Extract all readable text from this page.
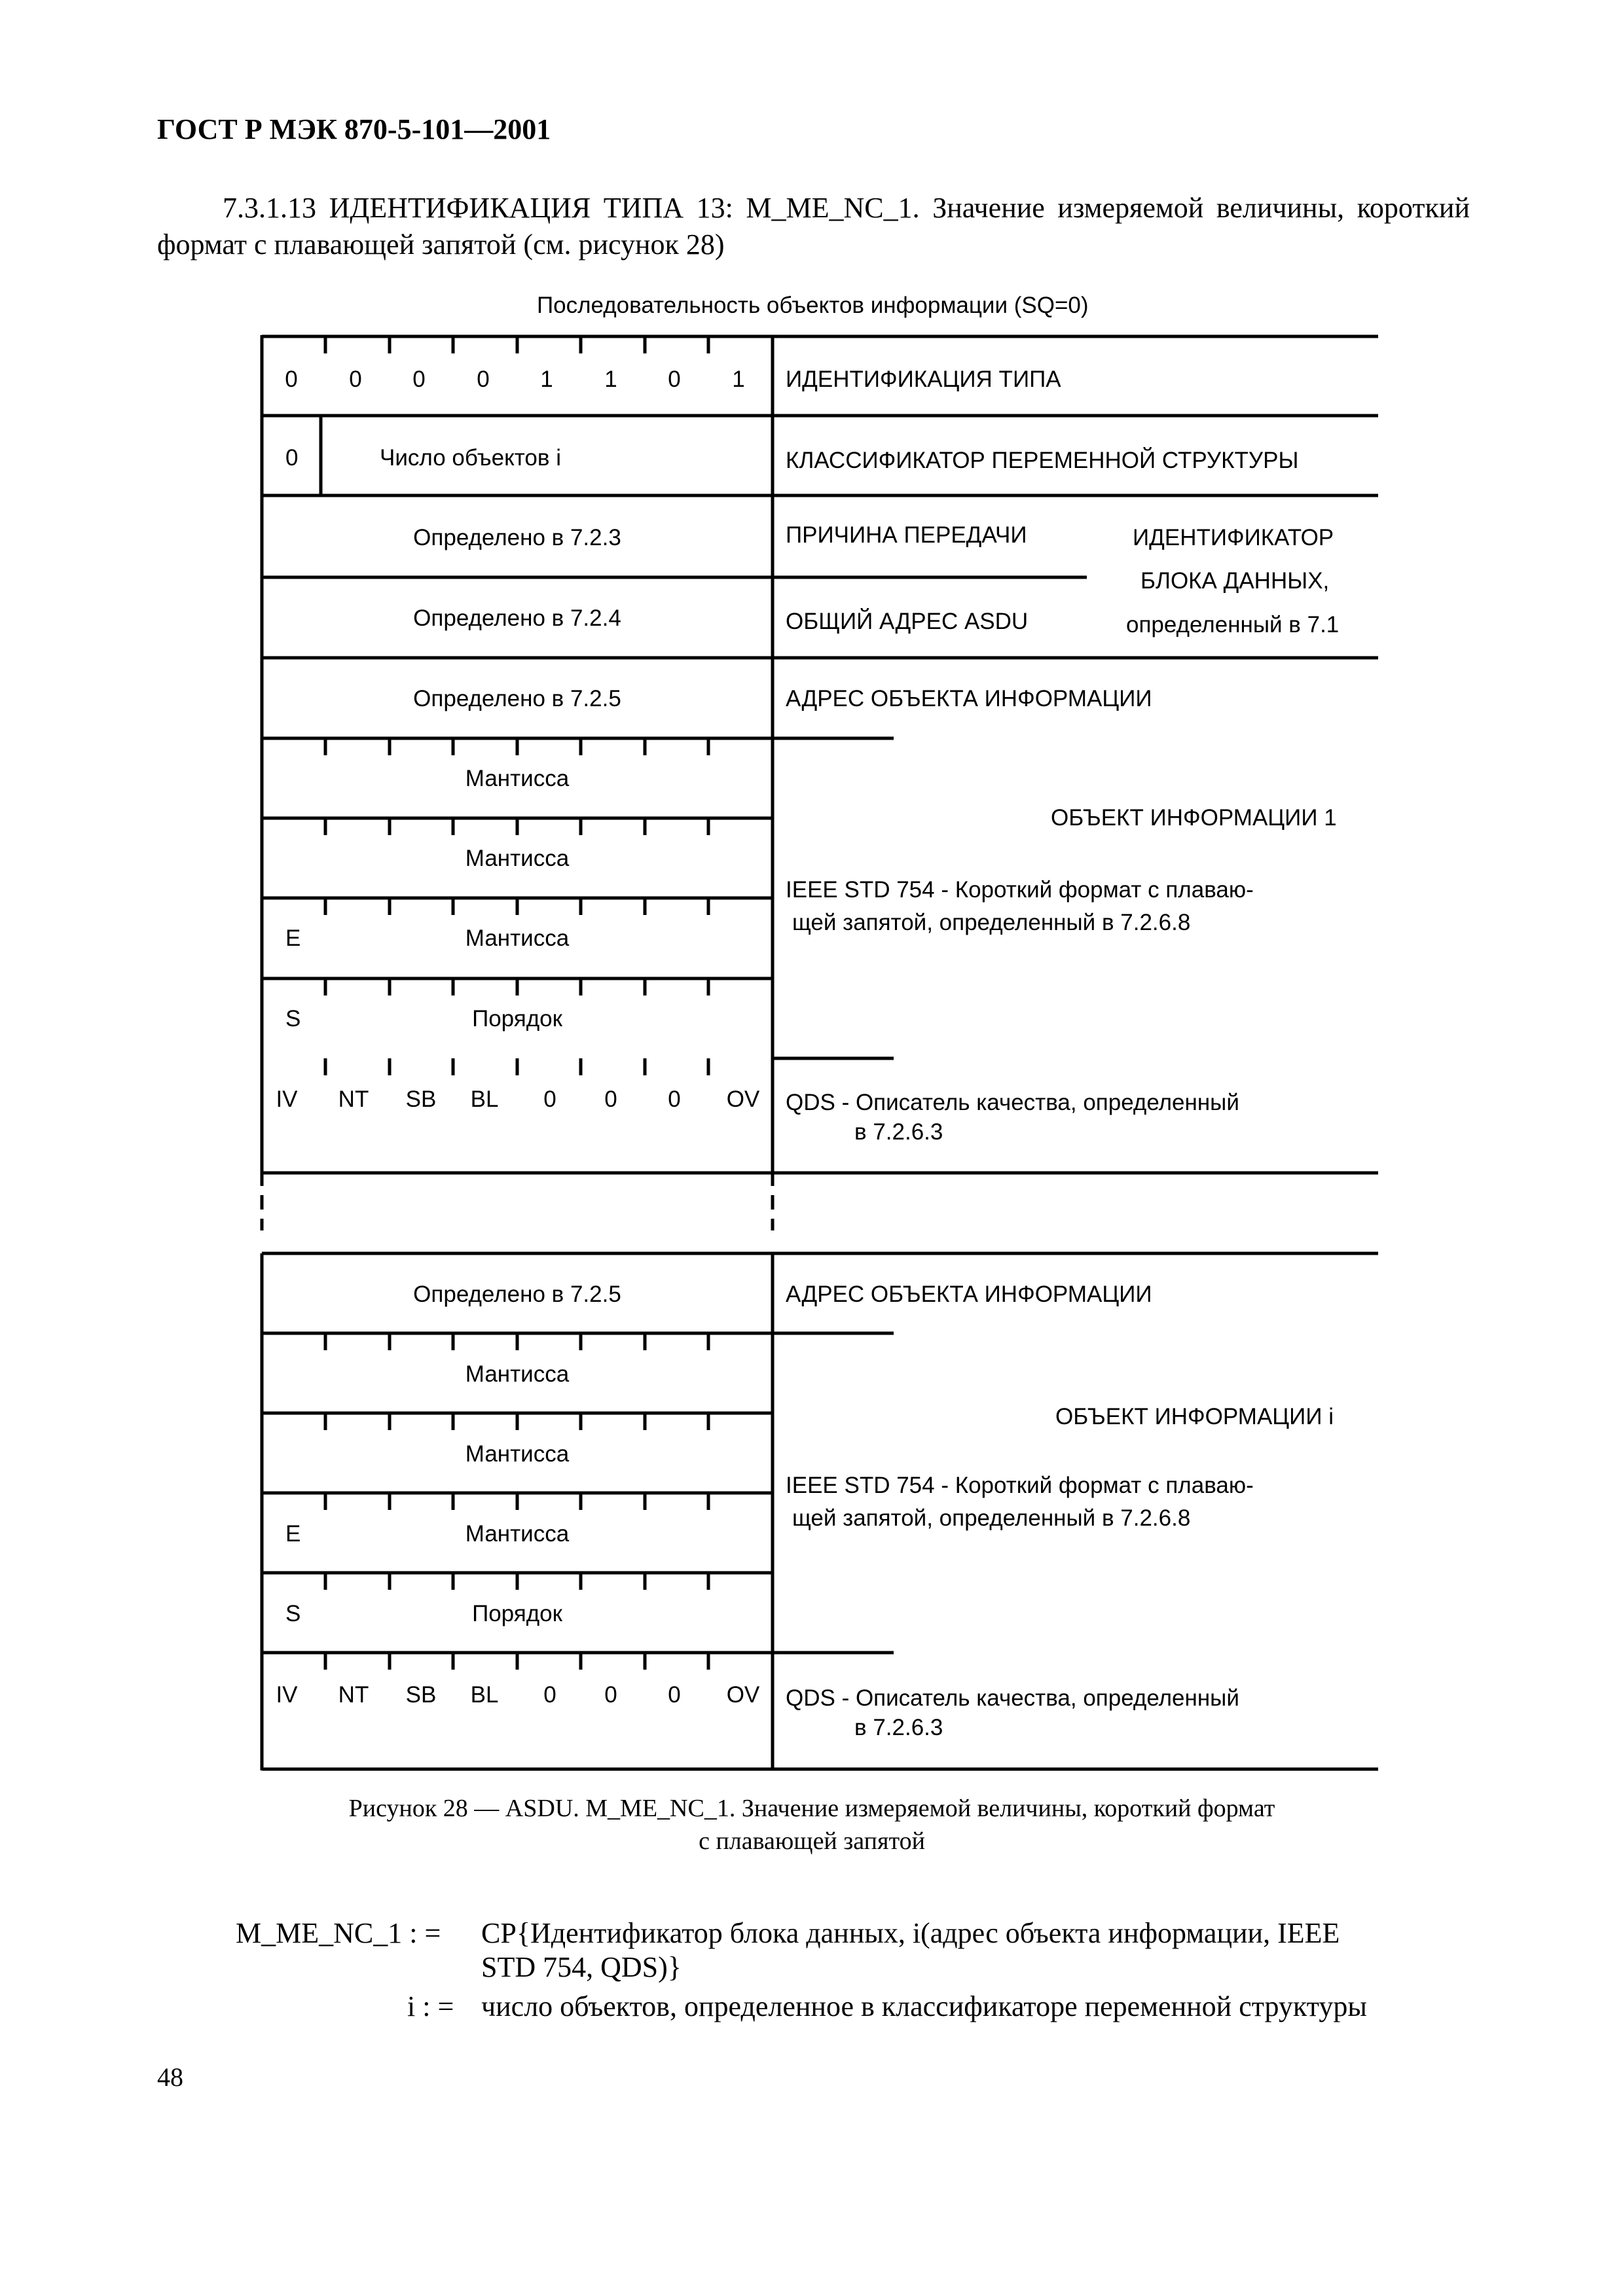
ГОСТ Р МЭК 870-5-101—2001
7.3.1.13 ИДЕНТИФИКАЦИЯ ТИПА 13: M_ME_NC_1. Значение измеряемой величины, короткий формат с плавающей запятой (см. рисунок 28)
Последовательность объектов информации (SQ=0)
0	0	0	0	1	1	0	1	ИДЕНТИФИКАЦИЯ ТИПА
0	Число объектов i	КЛАССИФИКАТОР ПЕРЕМЕННОЙ СТРУКТУРЫ
Определено в 7.2.3	ПРИЧИНА ПЕРЕДАЧИ
Определено в 7.2.4	ОБЩИЙ АДРЕС ASDU
ИДЕНТИФИКАТОР
БЛОКА ДАННЫХ,
определенный в 7.1
Определено в 7.2.5	АДРЕС ОБЪЕКТА ИНФОРМАЦИИ
Мантисса
Мантисса
E	Мантисса
S	Порядок
ОБЪЕКТ ИНФОРМАЦИИ 1
IEEE STD 754 - Короткий формат с плаваю-
щей запятой, определенный в 7.2.6.8
IV	NT	SB	BL	0	0	0	OV	QDS - Описатель качества, определенный
в 7.2.6.3
Определено в 7.2.5	АДРЕС ОБЪЕКТА ИНФОРМАЦИИ
Мантисса
Мантисса
E	Мантисса
S	Порядок
ОБЪЕКТ ИНФОРМАЦИИ i
IEEE STD 754 - Короткий формат с плаваю-
щей запятой, определенный в 7.2.6.8
IV	NT	SB	BL	0	0	0	OV	QDS - Описатель качества, определенный
в 7.2.6.3
Рисунок 28 — ASDU. M_ME_NC_1. Значение измеряемой величины, короткий формат
с плавающей запятой
M_ME_NC_1 : = CP{Идентификатор блока данных, i(адрес объекта информации, IEEE
STD 754, QDS)}
i : = число объектов, определенное в классификаторе переменной структуры
48
